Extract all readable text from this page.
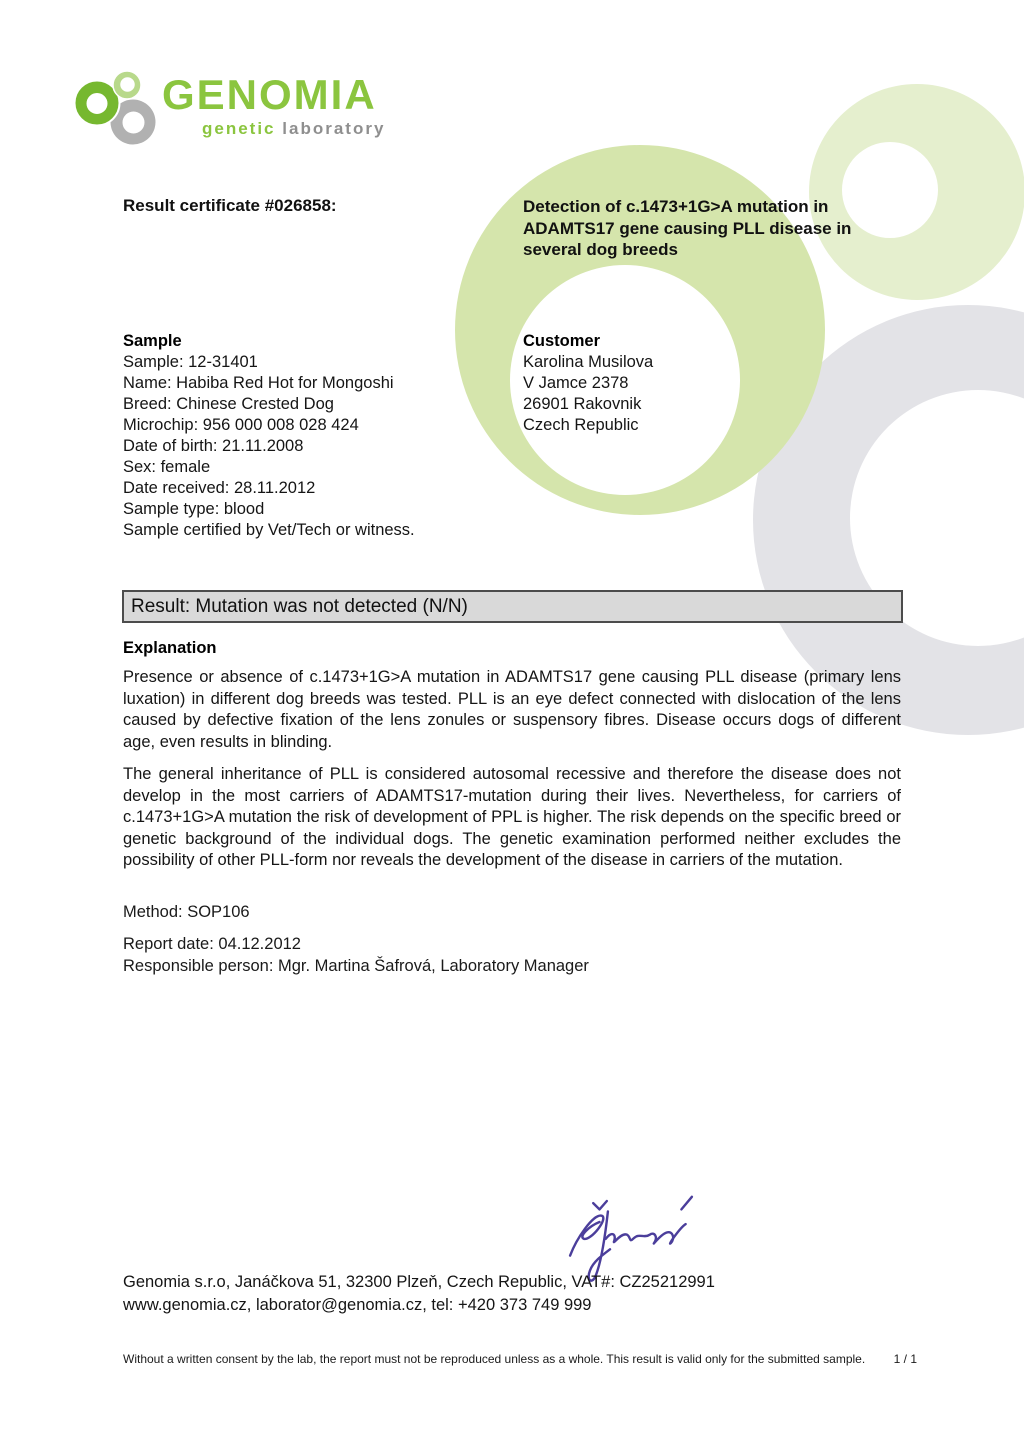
GENOMIA
genetic laboratory
Result certificate #026858:	Detection of c.1473+1G>A mutation in
ADAMTS17 gene causing PLL disease in
several dog breeds
Sample
Sample: 12-31401
Name: Habiba Red Hot for Mongoshi
Breed: Chinese Crested Dog
Microchip: 956 000 008 028 424
Date of birth: 21.11.2008
Sex: female
Date received: 28.11.2012
Sample type: blood
Sample certified by Vet/Tech or witness.
Customer
Karolina Musilova
V Jamce 2378
26901 Rakovnik
Czech Republic
Result: Mutation was not detected (N/N)
Explanation
Presence or absence of c.1473+1G>A mutation in ADAMTS17 gene causing PLL disease (primary lens luxation) in different dog breeds was tested. PLL is an eye defect connected with dislocation of the lens caused by defective fixation of the lens zonules or suspensory fibres. Disease occurs dogs of different age, even results in blinding.
The general inheritance of PLL is considered autosomal recessive and therefore the disease does not develop in the most carriers of ADAMTS17-mutation during their lives. Nevertheless, for carriers of c.1473+1G>A mutation the risk of development of PPL is higher. The risk depends on the specific breed or genetic background of the individual dogs. The genetic examination performed neither excludes the possibility of other PLL-form nor reveals the development of the disease in carriers of the mutation.
Method: SOP106
Report date: 04.12.2012
Responsible person: Mgr. Martina Šafrová, Laboratory Manager
Genomia s.r.o, Janáčkova 51, 32300 Plzeň, Czech Republic, VAT#: CZ25212991
www.genomia.cz, laborator@genomia.cz, tel: +420 373 749 999
Without a written consent by the lab, the report must not be reproduced unless as a whole. This result is valid only for the submitted sample. 1 / 1
